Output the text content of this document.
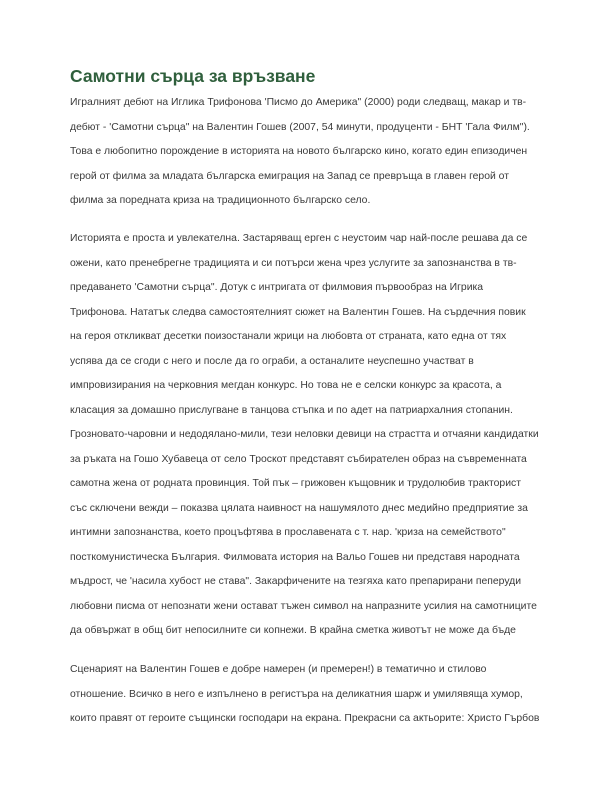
Самотни сърца за връзване
Игралният дебют на Иглика Трифонова 'Писмо до Америка" (2000) роди следващ, макар и тв-
дебют - 'Самотни сърца" на Валентин Гошев (2007, 54 минути, продуценти - БНТ 'Гала Филм").
Това е любопитно порождение в историята на новото българско кино, когато един епизодичен
герой от филма за младата българска емиграция на Запад се превръща в главен герой от
филма за поредната криза на традиционното българско село.
Историята е проста и увлекателна. Застаряващ ерген с неустоим чар най-после решава да се
ожени, като пренебрегне традицията и си потърси жена чрез услугите за запознанства в тв-
предаването 'Самотни сърца". Дотук с интригата от филмовия първообраз на Игрика
Трифонова. Нататък следва самостоятелният сюжет на Валентин Гошев. На сърдечния повик
на героя откликват десетки поизостанали жрици на любовта от страната, като една от тях
успява да се сгоди с него и после да го ограби, а останалите неуспешно участват в
импровизирания на черковния мегдан конкурс. Но това не е селски конкурс за красота, а
класация за домашно прислугване в танцова стъпка и по адет на патриархалния стопанин.
Грозновато-чаровни и недодялано-мили, тези неловки девици на страстта и отчаяни кандидатки
за ръката на Гошо Хубавеца от село Троскот представят събирателен образ на съвременната
самотна жена от родната провинция. Той пък – грижовен къщовник и трудолюбив тракторист
със сключени вежди – показва цялата наивност на нашумялото днес медийно предприятие за
интимни запознанства, което процъфтява в прославената с т. нар. 'криза на семейството"
посткомунистическа България. Филмовата история на Вальо Гошев ни представя народната
мъдрост, че 'насила хубост не става". Закарфичените на тезгяха като препарирани пеперуди
любовни писма от непознати жени остават тъжен символ на напразните усилия на самотниците
да обвържат в общ бит непосилните си копнежи. В крайна сметка животът не може да бъде
Сценарият на Валентин Гошев е добре намерен (и премерен!) в тематично и стилово
отношение. Всичко в него е изпълнено в регистъра на деликатния шарж и умилявяща хумор,
които правят от героите същински господари на екрана. Прекрасни са актьорите: Христо Гърбов
